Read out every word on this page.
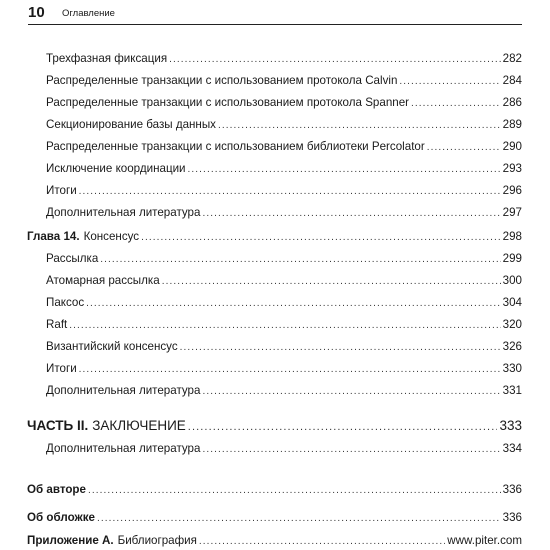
10 Оглавление
Трехфазная фиксация .....	282
Распределенные транзакции с использованием протокола Calvin .....	284
Распределенные транзакции с использованием протокола Spanner .....	286
Секционирование базы данных .....	289
Распределенные транзакции с использованием библиотеки Percolator .....	290
Исключение координации .....	293
Итоги .....	296
Дополнительная литература .....	297
Глава 14. Консенсус .....	298
Рассылка .....	299
Атомарная рассылка .....	300
Паксос .....	304
Raft .....	320
Византийский консенсус .....	326
Итоги .....	330
Дополнительная литература .....	331
ЧАСТЬ II. ЗАКЛЮЧЕНИЕ .....	333
Дополнительная литература .....	334
Об авторе .....	336
Об обложке .....	336
Приложение А. Библиография .....	www.piter.com
